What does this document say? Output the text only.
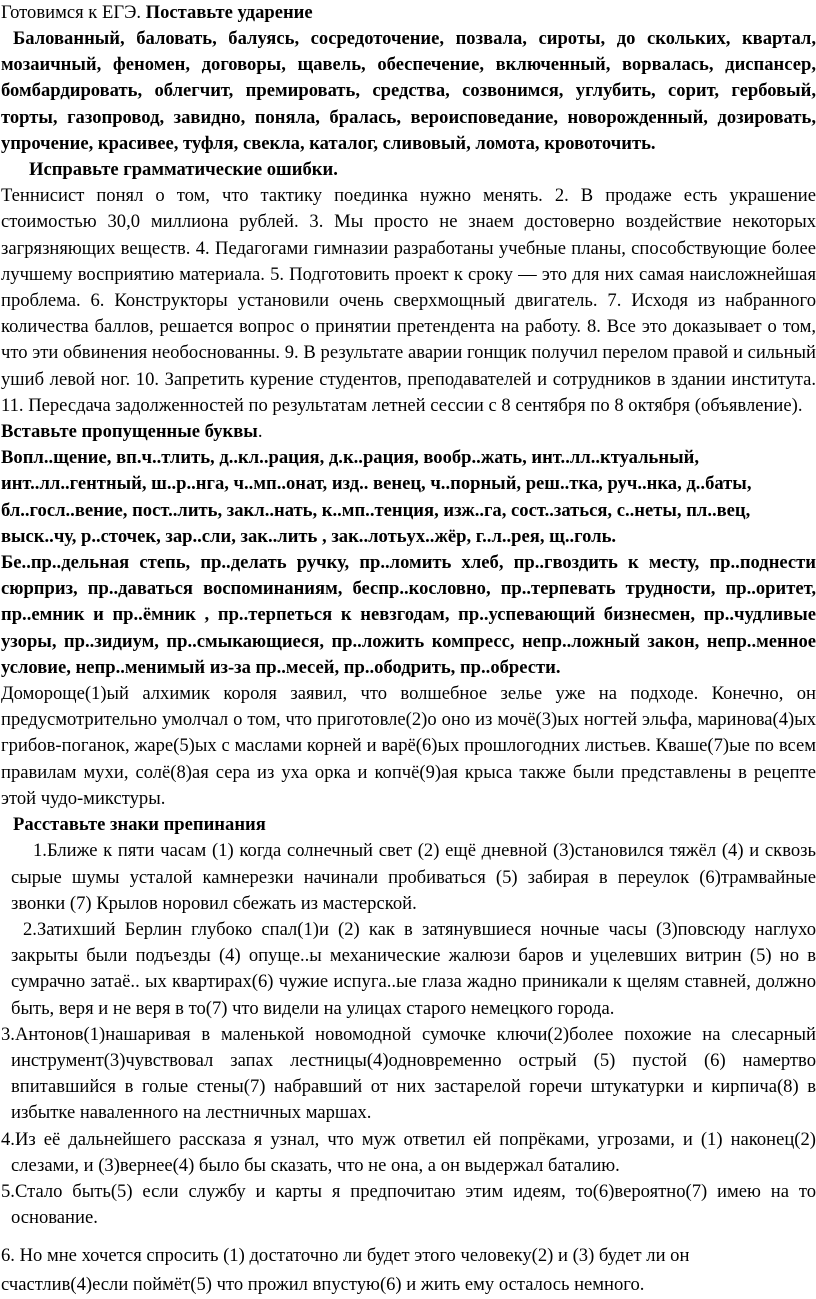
Готовимся к ЕГЭ. Поставьте ударение

Балованный, баловать, балуясь, сосредоточение, позвала, сироты, до скольких, квартал, мозаичный, феномен, договоры, щавель, обеспечение, включенный, ворвалась, диспансер, бомбардировать, облегчит, премировать, средства, созвонимся, углубить, сорит, гербовый, торты, газопровод, завидно, поняла, бралась, вероисповедание, новорожденный, дозировать, упрочение, красивее, туфля, свекла, каталог, сливовый, ломота, кровоточить.

Исправьте грамматические ошибки.

Теннисист понял о том, что тактику поединка нужно менять. 2. В продаже есть украшение стоимостью 30,0 миллиона рублей. 3. Мы просто не знаем достоверно воздействие некоторых загрязняющих веществ. 4. Педагогами гимназии разработаны учебные планы, способствующие более лучшему восприятию материала. 5. Подготовить проект к сроку — это для них самая наисложнейшая проблема. 6. Конструкторы установили очень сверхмощный двигатель. 7. Исходя из набранного количества баллов, решается вопрос о принятии претендента на работу. 8. Все это доказывает о том, что эти обвинения необоснованны. 9. В результате аварии гонщик получил перелом правой и сильный ушиб левой ног. 10. Запретить курение студентов, преподавателей и сотрудников в здании института. 11. Пересдача задолженностей по результатам летней сессии с 8 сентября по 8 октября (объявление).

Вставьте пропущенные буквы.

Вопл..щение, вп.ч..тлить, д..кл..рация, д.к..рация, вообр..жать, инт..лл..ктуальный, инт..лл..гентный, ш..р..нга, ч..мп..онат, изд.. венец, ч..порный, реш..тка, руч..нка, д..баты, бл..госл..вение, пост..лить, закл..нать, к..мп..тенция, изж..га, сост..заться, с..неты, пл..вец, выск..чу, р..сточек, зар..сли, зак..лить , зак..лотьух..жёр, г..л..рея, щ..голь.

Бе..пр..дельная степь, пр..делать ручку, пр..ломить хлеб, пр..гвоздить к месту, пр..поднести сюрприз, пр..даваться воспоминаниям, беспр..кословно, пр..терпевать трудности, пр..оритет, пр..емник и пр..ёмник , пр..терпеться к невзгодам, пр..успевающий бизнесмен, пр..чудливые узоры, пр..зидиум, пр..смыкающиеся, пр..ложить компресс, непр..ложный закон, непр..менное условие, непр..менимый из-за пр..месей, пр..ободрить, пр..обрести.

Доморощe(1)ый алхимик короля заявил, что волшебное зелье уже на подходе. Конечно, он предусмотрительно умолчал о том, что приготовле(2)о оно из мочё(3)ых ногтей эльфа, маринова(4)ых грибов-поганок, жаре(5)ых с маслами корней и варё(6)ых прошлогодних листьев. Кваше(7)ые по всем правилам мухи, солё(8)ая сера из уха орка и копчё(9)ая крыса также были представлены в рецепте этой чудо-микстуры.

Расставьте знаки препинания

1.Ближе к пяти часам (1) когда солнечный свет (2) ещё дневной (3)становился тяжёл (4) и сквозь сырые шумы усталой камнерезки начинали пробиваться (5) забирая в переулок (6)трамвайные звонки (7) Крылов норовил сбежать из мастерской.

2.Затихший Берлин глубоко спал(1)и (2) как в затянувшиеся ночные часы (3)повсюду наглухо закрыты были подъезды (4) опуще..ы механические жалюзи баров и уцелевших витрин (5) но в сумрачно затаё.. ых квартирах(6) чужие испуга..ые глаза жадно приникали к щелям ставней, должно быть, веря и не веря в то(7) что видели на улицах старого немецкого города.

3.Антонов(1)нашаривая в маленькой новомодной сумочке ключи(2)более похожие на слесарный инструмент(3)чувствовал запах лестницы(4)одновременно острый (5) пустой (6) намертво впитавшийся в голые стены(7) набравший от них застарелой горечи штукатурки и кирпича(8) в избытке наваленного на лестничных маршах.

4.Из её дальнейшего рассказа я узнал, что муж ответил ей попрёками, угрозами, и (1) наконец(2) слезами, и (3)вернее(4) было бы сказать, что не она, а он выдержал баталию.

5.Стало быть(5) если службу и карты я предпочитаю этим идеям, то(6)вероятно(7) имею на то основание.

6. Но мне хочется спросить (1) достаточно ли будет этого человеку(2) и (3) будет ли он счастлив(4)если поймёт(5) что прожил впустую(6) и жить ему осталось немного.
